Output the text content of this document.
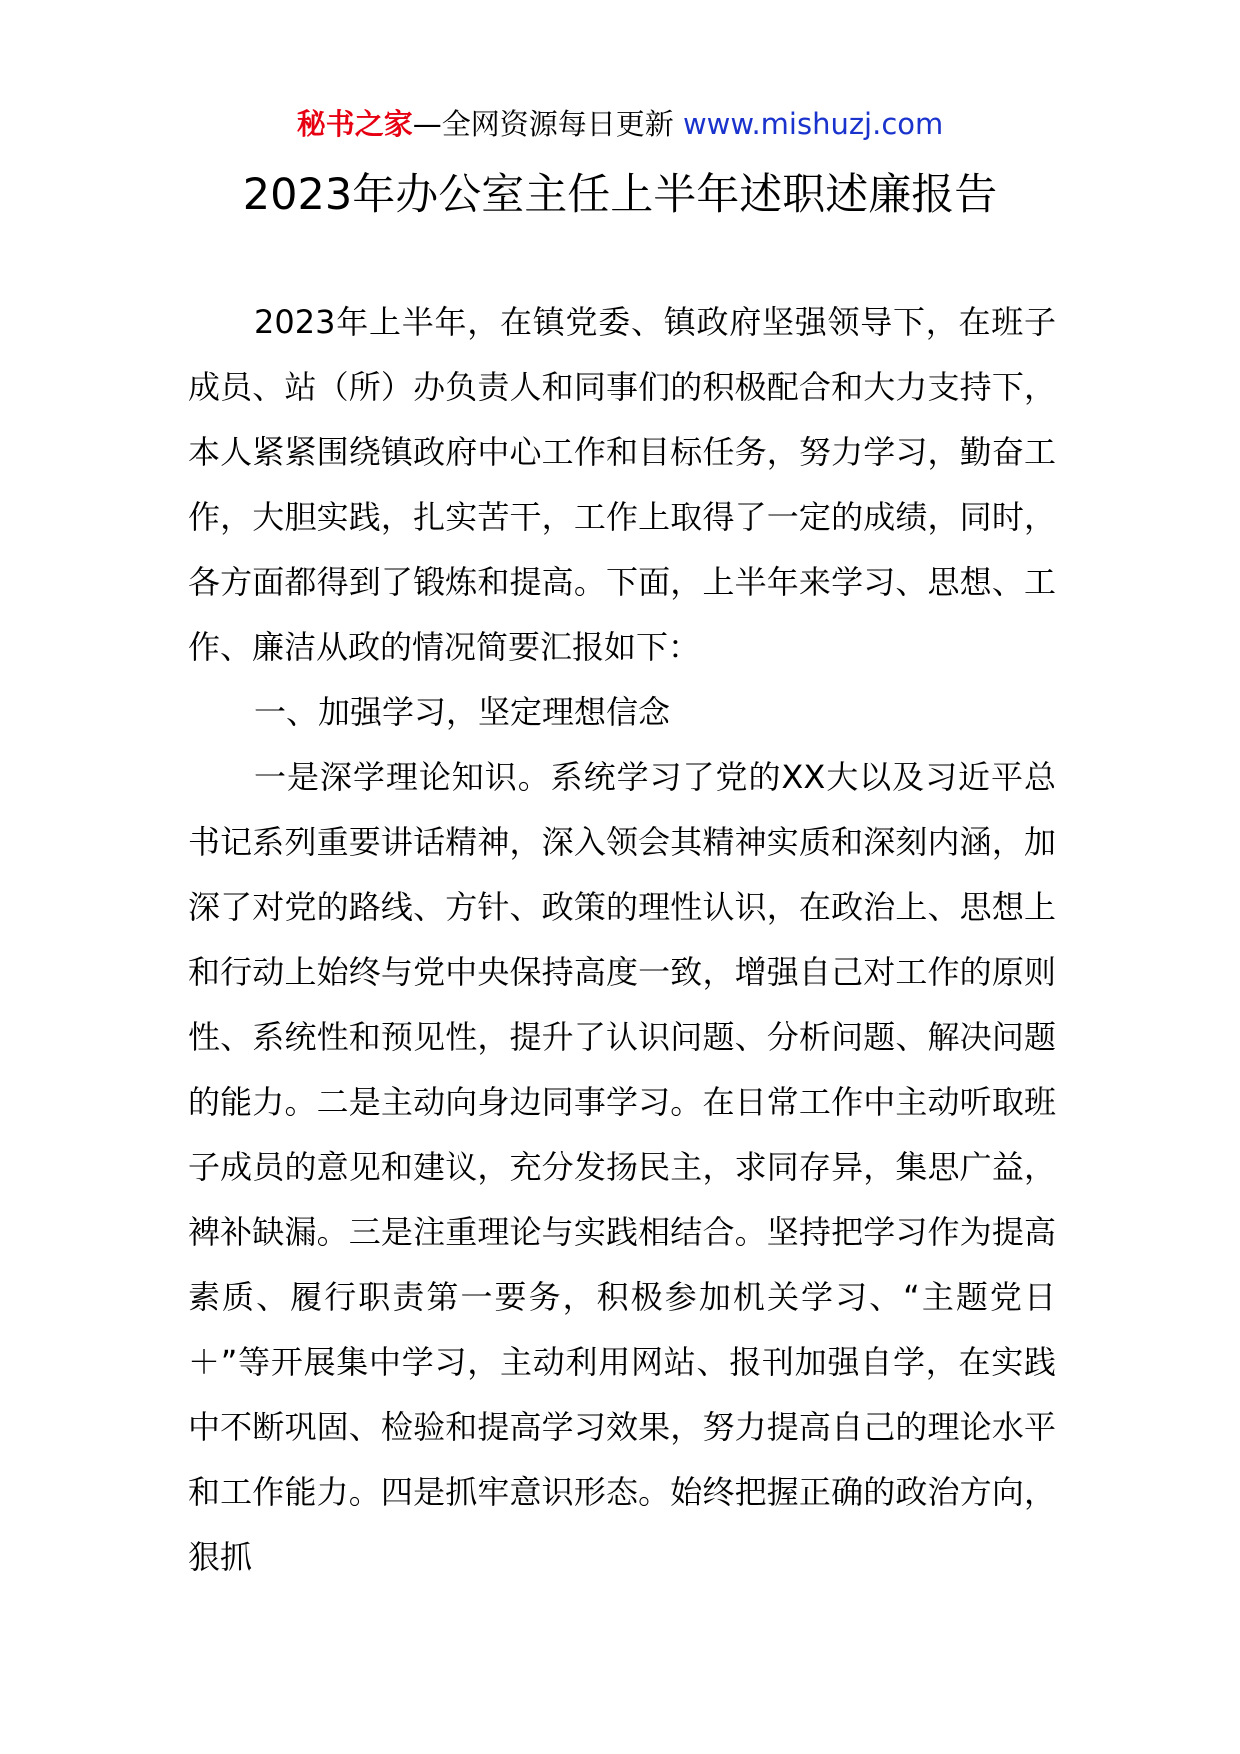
秘书之家—全网资源每日更新 www.mishuzj.com
2023年办公室主任上半年述职述廉报告

2023年上半年，在镇党委、镇政府坚强领导下，在班子成员、站（所）办负责人和同事们的积极配合和大力支持下，本人紧紧围绕镇政府中心工作和目标任务，努力学习，勤奋工作，大胆实践，扎实苦干，工作上取得了一定的成绩，同时，各方面都得到了锻炼和提高。下面，上半年来学习、思想、工作、廉洁从政的情况简要汇报如下：

一、加强学习，坚定理想信念

一是深学理论知识。系统学习了党的XX大以及习近平总书记系列重要讲话精神，深入领会其精神实质和深刻内涵，加深了对党的路线、方针、政策的理性认识，在政治上、思想上和行动上始终与党中央保持高度一致，增强自己对工作的原则性、系统性和预见性，提升了认识问题、分析问题、解决问题的能力。二是主动向身边同事学习。在日常工作中主动听取班子成员的意见和建议，充分发扬民主，求同存异，集思广益，裨补缺漏。三是注重理论与实践相结合。坚持把学习作为提高素质、履行职责第一要务，积极参加机关学习、“主题党日＋”等开展集中学习，主动利用网站、报刊加强自学，在实践中不断巩固、检验和提高学习效果，努力提高自己的理论水平和工作能力。四是抓牢意识形态。始终把握正确的政治方向，狠抓
